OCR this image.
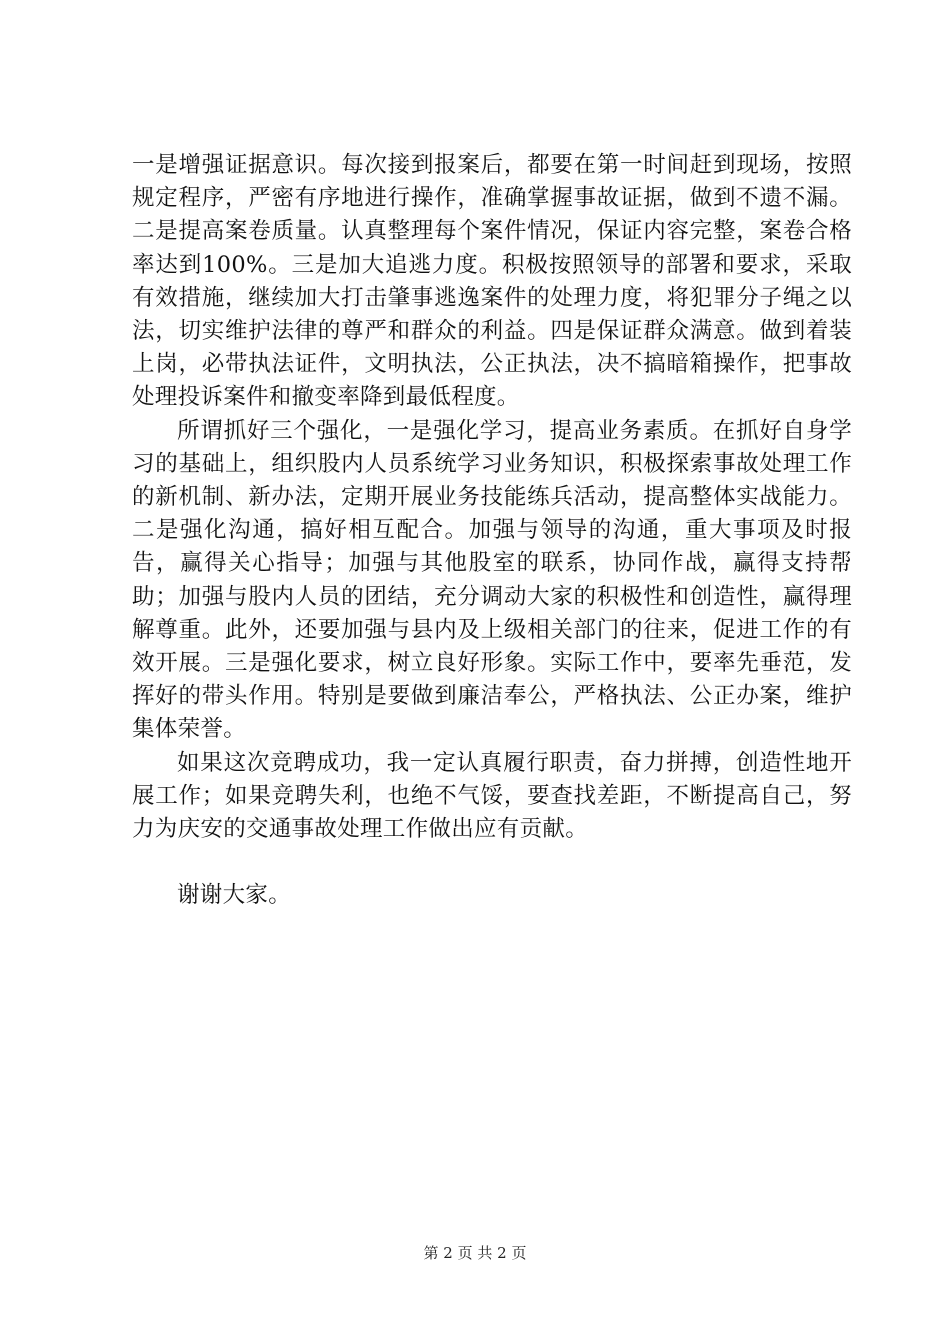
一是增强证据意识。每次接到报案后，都要在第一时间赶到现场，按照规定程序，严密有序地进行操作，准确掌握事故证据，做到不遗不漏。二是提高案卷质量。认真整理每个案件情况，保证内容完整，案卷合格率达到100%。三是加大追逃力度。积极按照领导的部署和要求，采取有效措施，继续加大打击肇事逃逸案件的处理力度，将犯罪分子绳之以法，切实维护法律的尊严和群众的利益。四是保证群众满意。做到着装上岗，必带执法证件，文明执法，公正执法，决不搞暗箱操作，把事故处理投诉案件和撤变率降到最低程度。

所谓抓好三个强化，一是强化学习，提高业务素质。在抓好自身学习的基础上，组织股内人员系统学习业务知识，积极探索事故处理工作的新机制、新办法，定期开展业务技能练兵活动，提高整体实战能力。二是强化沟通，搞好相互配合。加强与领导的沟通，重大事项及时报告，赢得关心指导；加强与其他股室的联系，协同作战，赢得支持帮助；加强与股内人员的团结，充分调动大家的积极性和创造性，赢得理解尊重。此外，还要加强与县内及上级相关部门的往来，促进工作的有效开展。三是强化要求，树立良好形象。实际工作中，要率先垂范，发挥好的带头作用。特别是要做到廉洁奉公，严格执法、公正办案，维护集体荣誉。

如果这次竞聘成功，我一定认真履行职责，奋力拼搏，创造性地开展工作；如果竞聘失利，也绝不气馁，要查找差距，不断提高自己，努力为庆安的交通事故处理工作做出应有贡献。

谢谢大家。

第 2 页 共 2 页
